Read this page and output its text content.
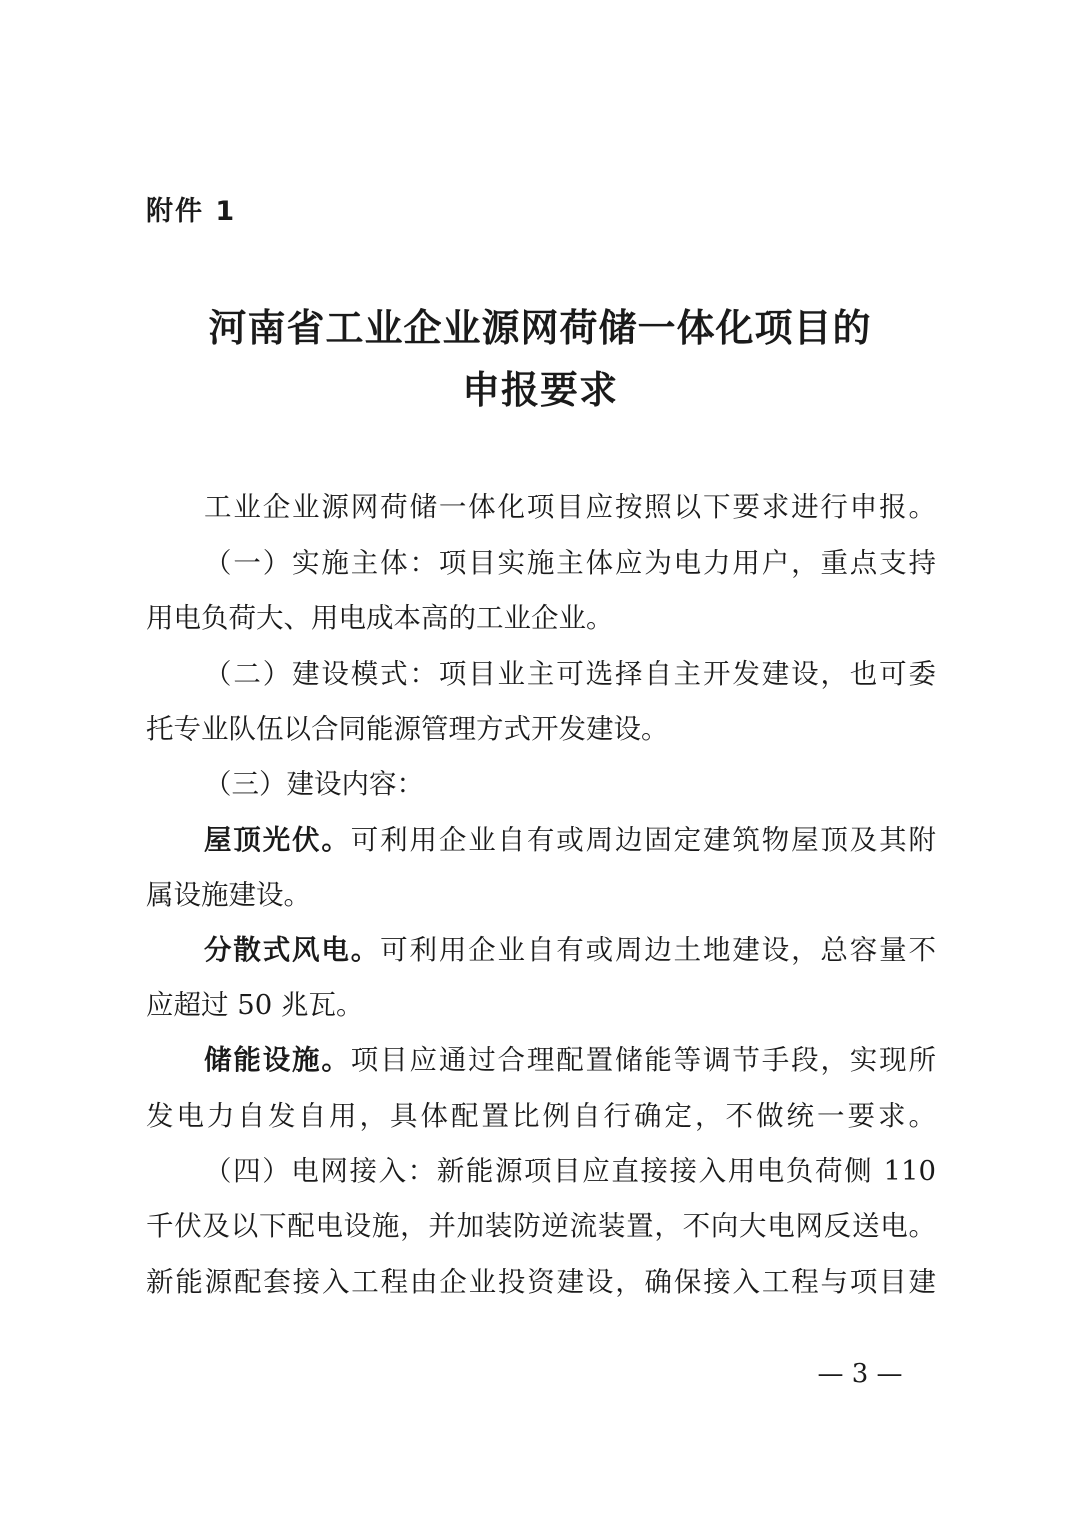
附件 1
河南省工业企业源网荷储一体化项目的
申报要求
工业企业源网荷储一体化项目应按照以下要求进行申报。
（一）实施主体：项目实施主体应为电力用户，重点支持
用电负荷大、用电成本高的工业企业。
（二）建设模式：项目业主可选择自主开发建设，也可委
托专业队伍以合同能源管理方式开发建设。
（三）建设内容：
屋顶光伏。可利用企业自有或周边固定建筑物屋顶及其附
属设施建设。
分散式风电。可利用企业自有或周边土地建设，总容量不
应超过 50 兆瓦。
储能设施。项目应通过合理配置储能等调节手段，实现所
发电力自发自用，具体配置比例自行确定，不做统一要求。
（四）电网接入：新能源项目应直接接入用电负荷侧 110
千伏及以下配电设施，并加装防逆流装置，不向大电网反送电。
新能源配套接入工程由企业投资建设，确保接入工程与项目建
— 3 —
